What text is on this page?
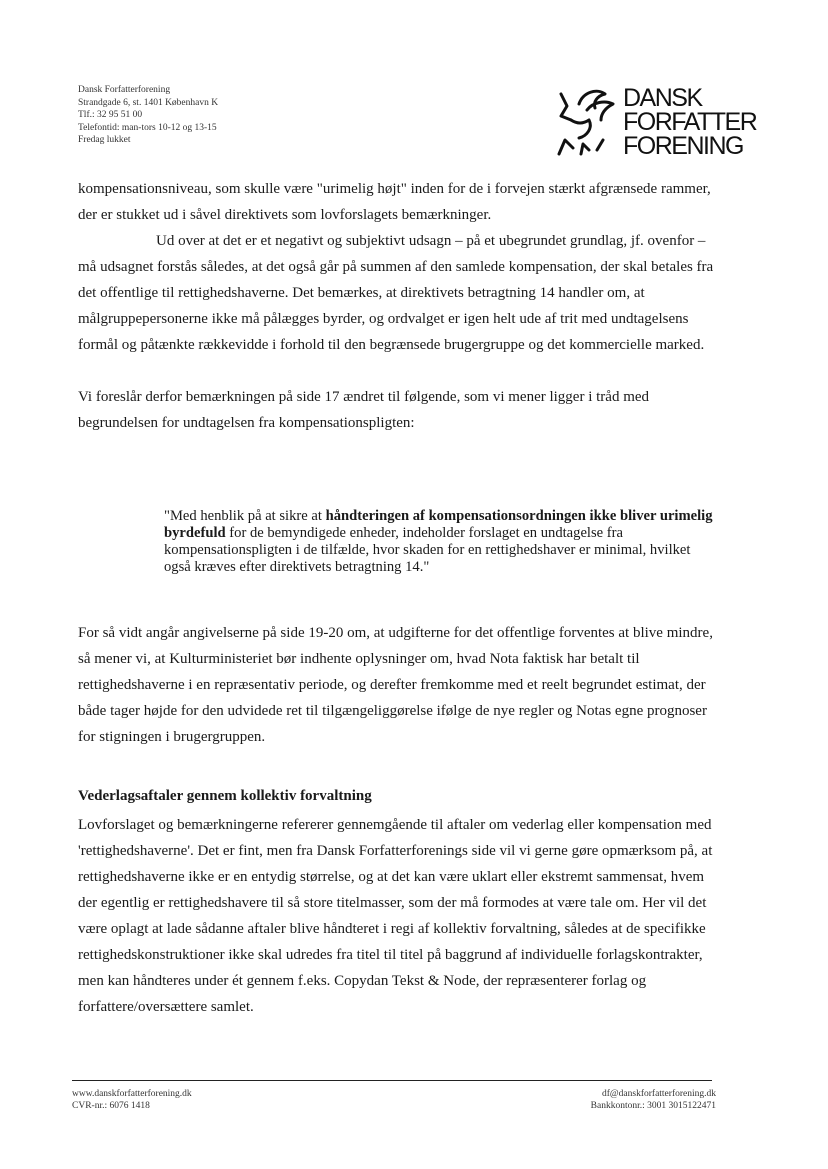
Dansk Forfatterforening
Strandgade 6, st. 1401 København K
Tlf.: 32 95 51 00
Telefontid: man-tors 10-12 og 13-15
Fredag lukket
DANSK
FORFATTER
FORENING

kompensationsniveau, som skulle være "urimelig højt" inden for de i forvejen stærkt afgrænsede rammer, der er stukket ud i såvel direktivets som lovforslagets bemærkninger.

Ud over at det er et negativt og subjektivt udsagn – på et ubegrundet grundlag, jf. ovenfor – må udsagnet forstås således, at det også går på summen af den samlede kompensation, der skal betales fra det offentlige til rettighedshaverne. Det bemærkes, at direktivets betragtning 14 handler om, at målgruppepersonerne ikke må pålægges byrder, og ordvalget er igen helt ude af trit med undtagelsens formål og påtænkte rækkevidde i forhold til den begrænsede brugergruppe og det kommercielle marked.

Vi foreslår derfor bemærkningen på side 17 ændret til følgende, som vi mener ligger i tråd med begrundelsen for undtagelsen fra kompensationspligten:

"Med henblik på at sikre at håndteringen af kompensationsordningen ikke bliver urimelig byrdefuld for de bemyndigede enheder, indeholder forslaget en undtagelse fra kompensationspligten i de tilfælde, hvor skaden for en rettighedshaver er minimal, hvilket også kræves efter direktivets betragtning 14."

For så vidt angår angivelserne på side 19-20 om, at udgifterne for det offentlige forventes at blive mindre, så mener vi, at Kulturministeriet bør indhente oplysninger om, hvad Nota faktisk har betalt til rettighedshaverne i en repræsentativ periode, og derefter fremkomme med et reelt begrundet estimat, der både tager højde for den udvidede ret til tilgængeliggørelse ifølge de nye regler og Notas egne prognoser for stigningen i brugergruppen.

Vederlagsaftaler gennem kollektiv forvaltning

Lovforslaget og bemærkningerne refererer gennemgående til aftaler om vederlag eller kompensation med 'rettighedshaverne'. Det er fint, men fra Dansk Forfatterforenings side vil vi gerne gøre opmærksom på, at rettighedshaverne ikke er en entydig størrelse, og at det kan være uklart eller ekstremt sammensat, hvem der egentlig er rettighedshavere til så store titelmasser, som der må formodes at være tale om. Her vil det være oplagt at lade sådanne aftaler blive håndteret i regi af kollektiv forvaltning, således at de specifikke rettighedskonstruktioner ikke skal udredes fra titel til titel på baggrund af individuelle forlagskontrakter, men kan håndteres under ét gennem f.eks. Copydan Tekst & Node, der repræsenterer forlag og forfattere/oversættere samlet.

www.danskforfatterforening.dk
CVR-nr.: 6076 1418
df@danskforfatterforening.dk
Bankkontonr.: 3001 3015122471
